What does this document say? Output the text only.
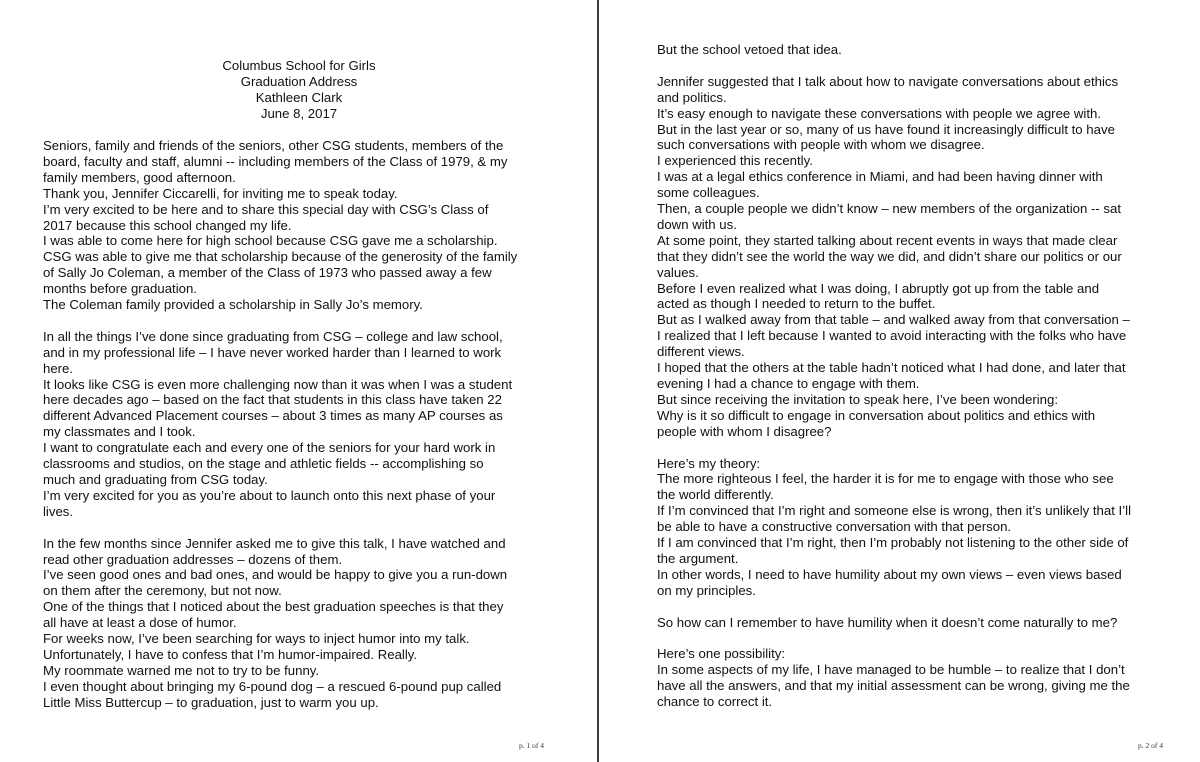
Columbus School for Girls
Graduation Address
Kathleen Clark
June 8, 2017

Seniors, family and friends of the seniors, other CSG students, members of the
board, faculty and staff, alumni -- including members of the Class of 1979, & my
family members, good afternoon.

Thank you, Jennifer Ciccarelli, for inviting me to speak today.

I’m very excited to be here and to share this special day with CSG’s Class of
2017 because this school changed my life.

I was able to come here for high school because CSG gave me a scholarship.

CSG was able to give me that scholarship because of the generosity of the family
of Sally Jo Coleman, a member of the Class of 1973 who passed away a few
months before graduation.

The Coleman family provided a scholarship in Sally Jo’s memory.

In all the things I’ve done since graduating from CSG – college and law school,
and in my professional life – I have never worked harder than I learned to work
here.

It looks like CSG is even more challenging now than it was when I was a student
here decades ago – based on the fact that students in this class have taken 22
different Advanced Placement courses – about 3 times as many AP courses as
my classmates and I took.

I want to congratulate each and every one of the seniors for your hard work in
classrooms and studios, on the stage and athletic fields -- accomplishing so
much and graduating from CSG today.

I’m very excited for you as you’re about to launch onto this next phase of your
lives.

In the few months since Jennifer asked me to give this talk, I have watched and
read other graduation addresses – dozens of them.

I’ve seen good ones and bad ones, and would be happy to give you a run-down
on them after the ceremony, but not now.

One of the things that I noticed about the best graduation speeches is that they
all have at least a dose of humor.

For weeks now, I’ve been searching for ways to inject humor into my talk.

Unfortunately, I have to confess that I’m humor-impaired. Really.

My roommate warned me not to try to be funny.

I even thought about bringing my 6-pound dog – a rescued 6-pound pup called
Little Miss Buttercup – to graduation, just to warm you up.

But the school vetoed that idea.

Jennifer suggested that I talk about how to navigate conversations about ethics
and politics.

It’s easy enough to navigate these conversations with people we agree with.

But in the last year or so, many of us have found it increasingly difficult to have
such conversations with people with whom we disagree.

I experienced this recently.

I was at a legal ethics conference in Miami, and had been having dinner with
some colleagues.

Then, a couple people we didn’t know – new members of the organization -- sat
down with us.

At some point, they started talking about recent events in ways that made clear
that they didn’t see the world the way we did, and didn’t share our politics or our
values.

Before I even realized what I was doing, I abruptly got up from the table and
acted as though I needed to return to the buffet.

But as I walked away from that table – and walked away from that conversation –
I realized that I left because I wanted to avoid interacting with the folks who have
different views.

I hoped that the others at the table hadn’t noticed what I had done, and later that
evening I had a chance to engage with them.

But since receiving the invitation to speak here, I’ve been wondering:

Why is it so difficult to engage in conversation about politics and ethics with
people with whom I disagree?

Here’s my theory:

The more righteous I feel, the harder it is for me to engage with those who see
the world differently.

If I’m convinced that I’m right and someone else is wrong, then it’s unlikely that I’ll
be able to have a constructive conversation with that person.

If I am convinced that I’m right, then I’m probably not listening to the other side of
the argument.

In other words, I need to have humility about my own views – even views based
on my principles.

So how can I remember to have humility when it doesn’t come naturally to me?

Here’s one possibility:

In some aspects of my life, I have managed to be humble – to realize that I don’t
have all the answers, and that my initial assessment can be wrong, giving me the
chance to correct it.

p. 1 of 4	p. 2 of 4
